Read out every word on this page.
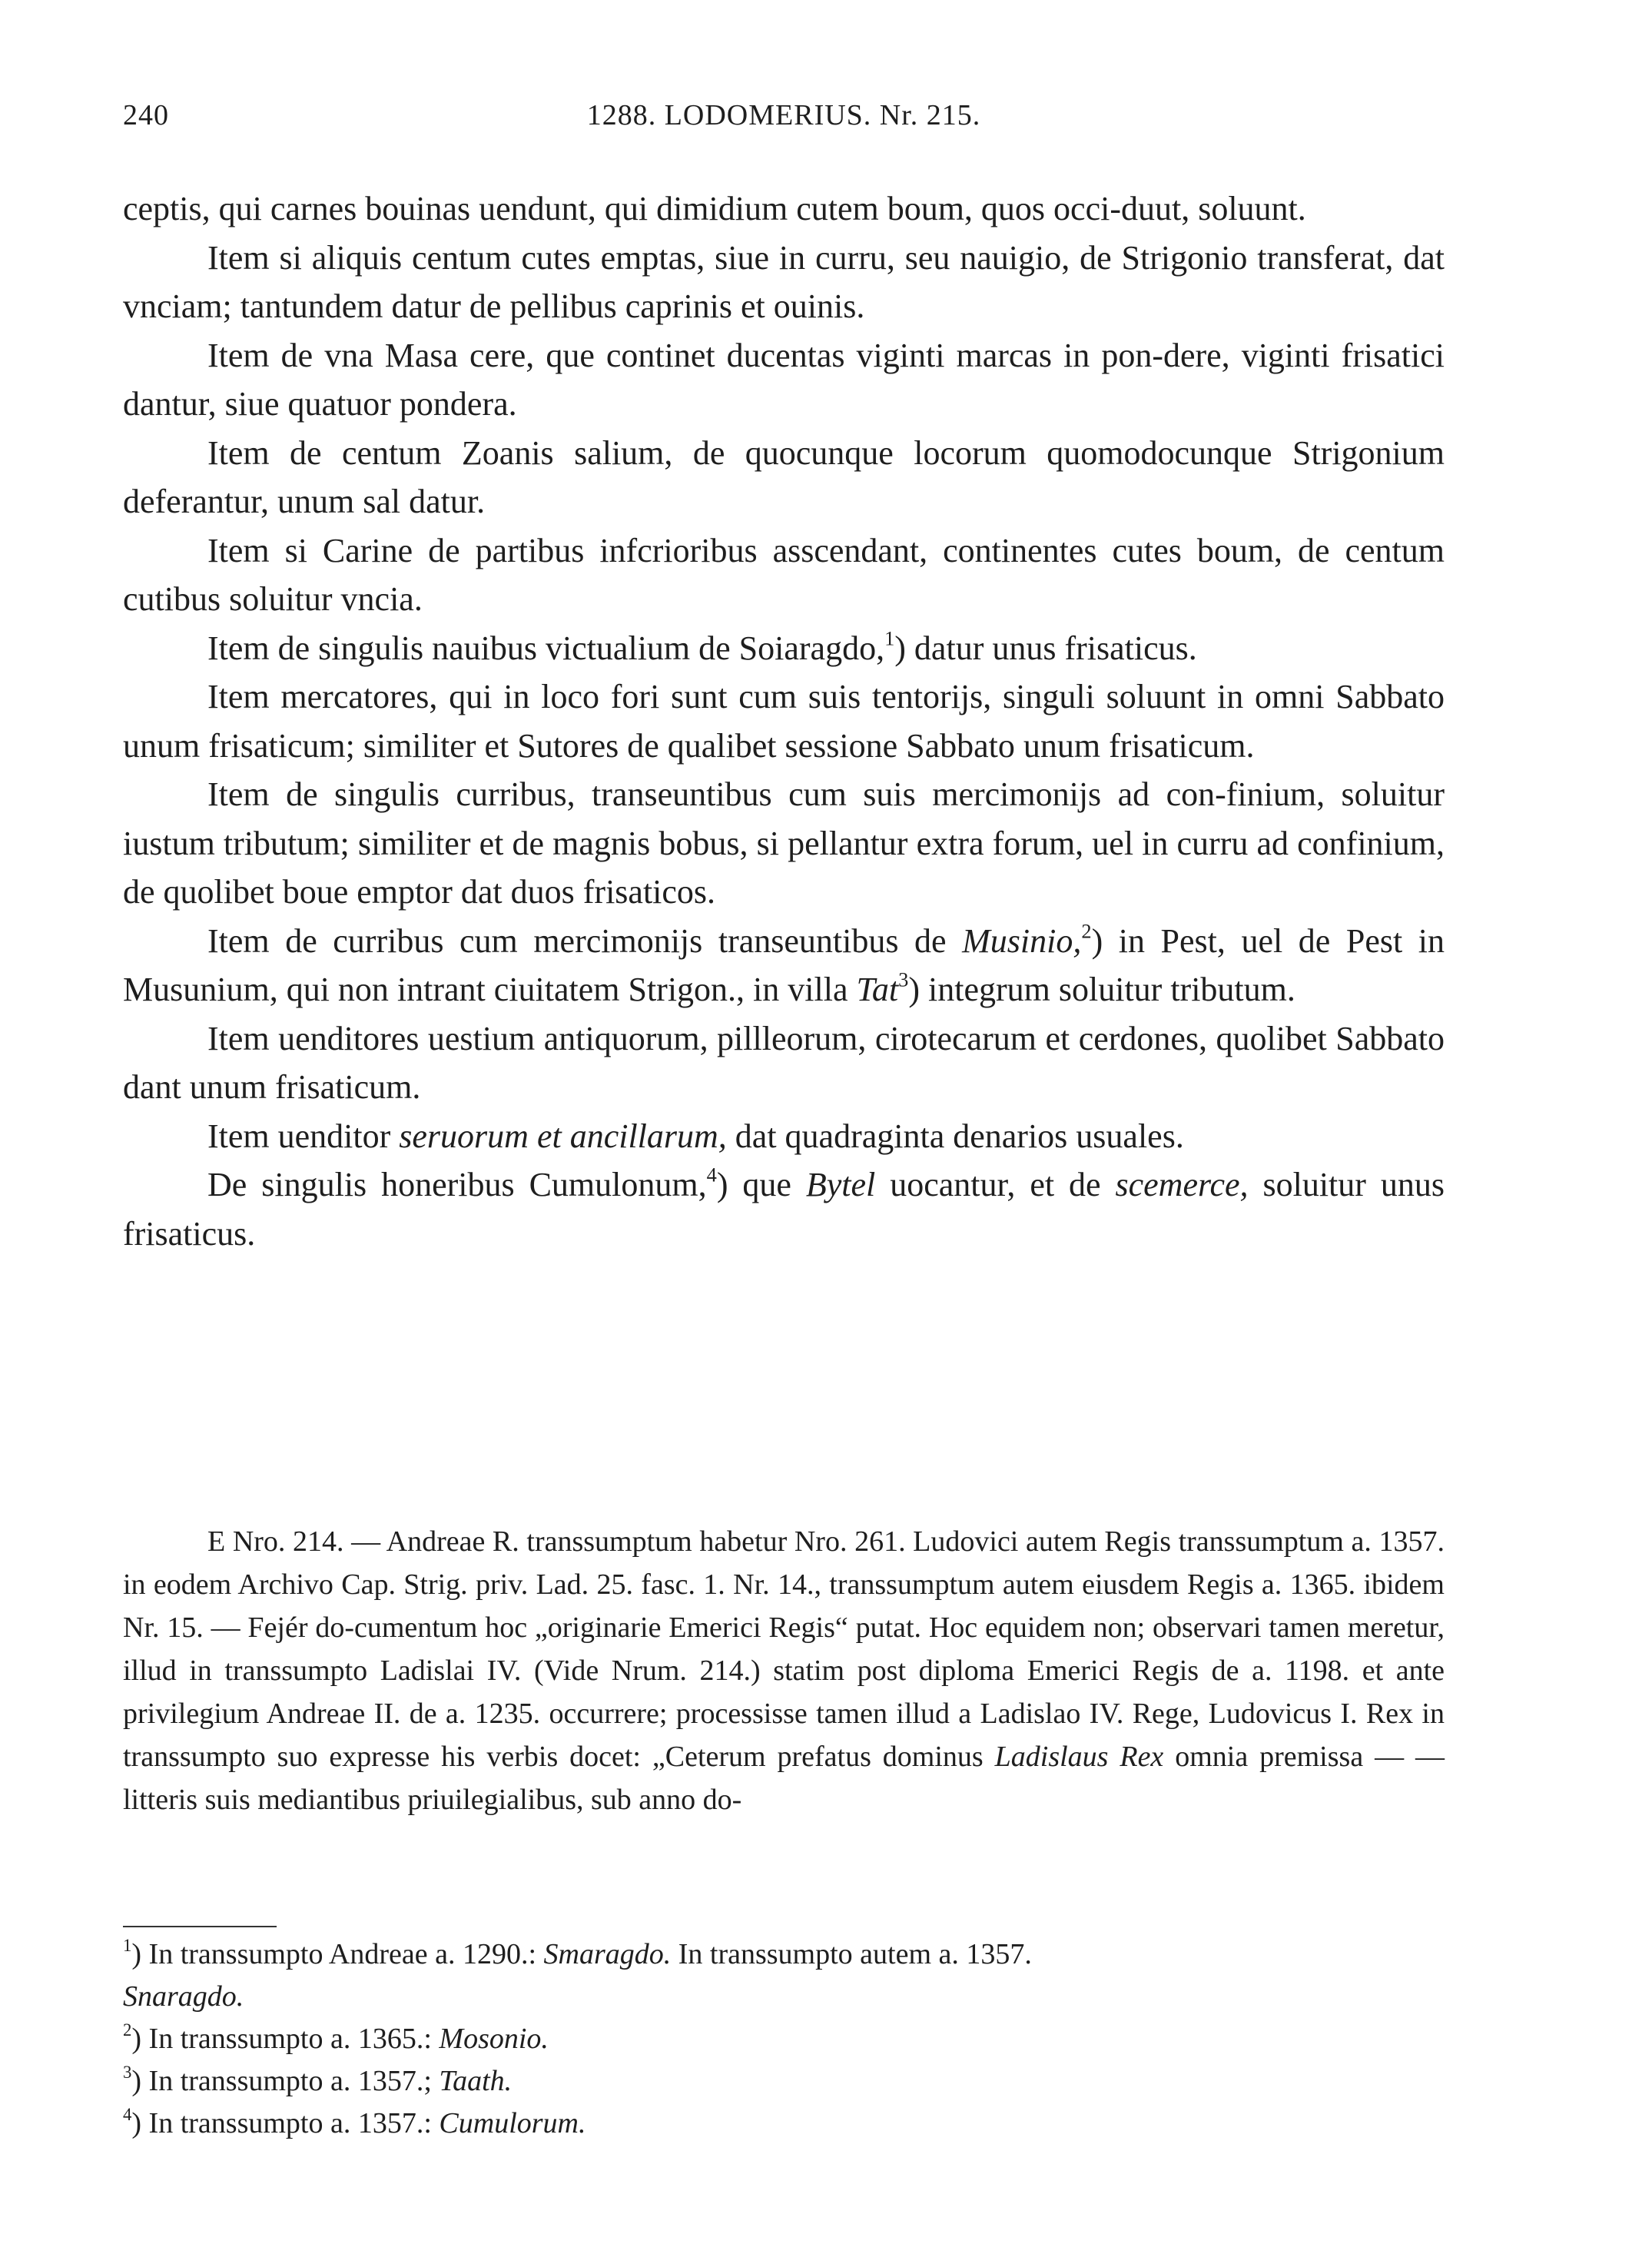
240	1288. LODOMERIUS. Nr. 215.

ceptis, qui carnes bouinas uendunt, qui dimidium cutem boum, quos occi-duut, soluunt.

Item si aliquis centum cutes emptas, siue in curru, seu nauigio, de Strigonio transferat, dat vnciam; tantundem datur de pellibus caprinis et ouinis.

Item de vna Masa cere, que continet ducentas viginti marcas in pon-dere, viginti frisatici dantur, siue quatuor pondera.

Item de centum Zoanis salium, de quocunque locorum quomodocunque Strigonium deferantur, unum sal datur.

Item si Carine de partibus infcrioribus asscendant, continentes cutes boum, de centum cutibus soluitur vncia.

Item de singulis nauibus victualium de Soiaragdo,$^1$) datur unus frisaticus.

Item mercatores, qui in loco fori sunt cum suis tentorijs, singuli soluunt in omni Sabbato unum frisaticum; similiter et Sutores de qualibet sessione Sabbato unum frisaticum.

Item de singulis curribus, transeuntibus cum suis mercimonijs ad con-finium, soluitur iustum tributum; similiter et de magnis bobus, si pellantur extra forum, uel in curru ad confinium, de quolibet boue emptor dat duos frisaticos.

Item de curribus cum mercimonijs transeuntibus de Musinio,$^2$) in Pest, uel de Pest in Musunium, qui non intrant ciuitatem Strigon., in villa Tat$^3$) integrum soluitur tributum.

Item uenditores uestium antiquorum, pillleorum, cirotecarum et cerdones, quolibet Sabbato dant unum frisaticum.

Item uenditor seruorum et ancillarum, dat quadraginta denarios usuales.

De singulis honeribus Cumulonum,$^4$) que Bytel uocantur, et de scemerce, soluitur unus frisaticus.

E Nro. 214. — Andreae R. transsumptum habetur Nro. 261. Ludovici autem Regis transsumptum a. 1357. in eodem Archivo Cap. Strig. priv. Lad. 25. fasc. 1. Nr. 14., transsumptum autem eiusdem Regis a. 1365. ibidem Nr. 15. — Fejér do-cumentum hoc „originarie Emerici Regis“ putat. Hoc equidem non; observari tamen meretur, illud in transsumpto Ladislai IV. (Vide Nrum. 214.) statim post diploma Emerici Regis de a. 1198. et ante privilegium Andreae II. de a. 1235. occurrere; processisse tamen illud a Ladislao IV. Rege, Ludovicus I. Rex in transsumpto suo expresse his verbis docet: „Ceterum prefatus dominus Ladislaus Rex omnia premissa — — litteris suis mediantibus priuilegialibus, sub anno do-

$^1$) In transsumpto Andreae a. 1290.: Smaragdo. In transsumpto autem a. 1357.
Snaragdo.

$^2$) In transsumpto a. 1365.: Mosonio.

$^3$) In transsumpto a. 1357.; Taath.

$^4$) In transsumpto a. 1357.: Cumulorum.
